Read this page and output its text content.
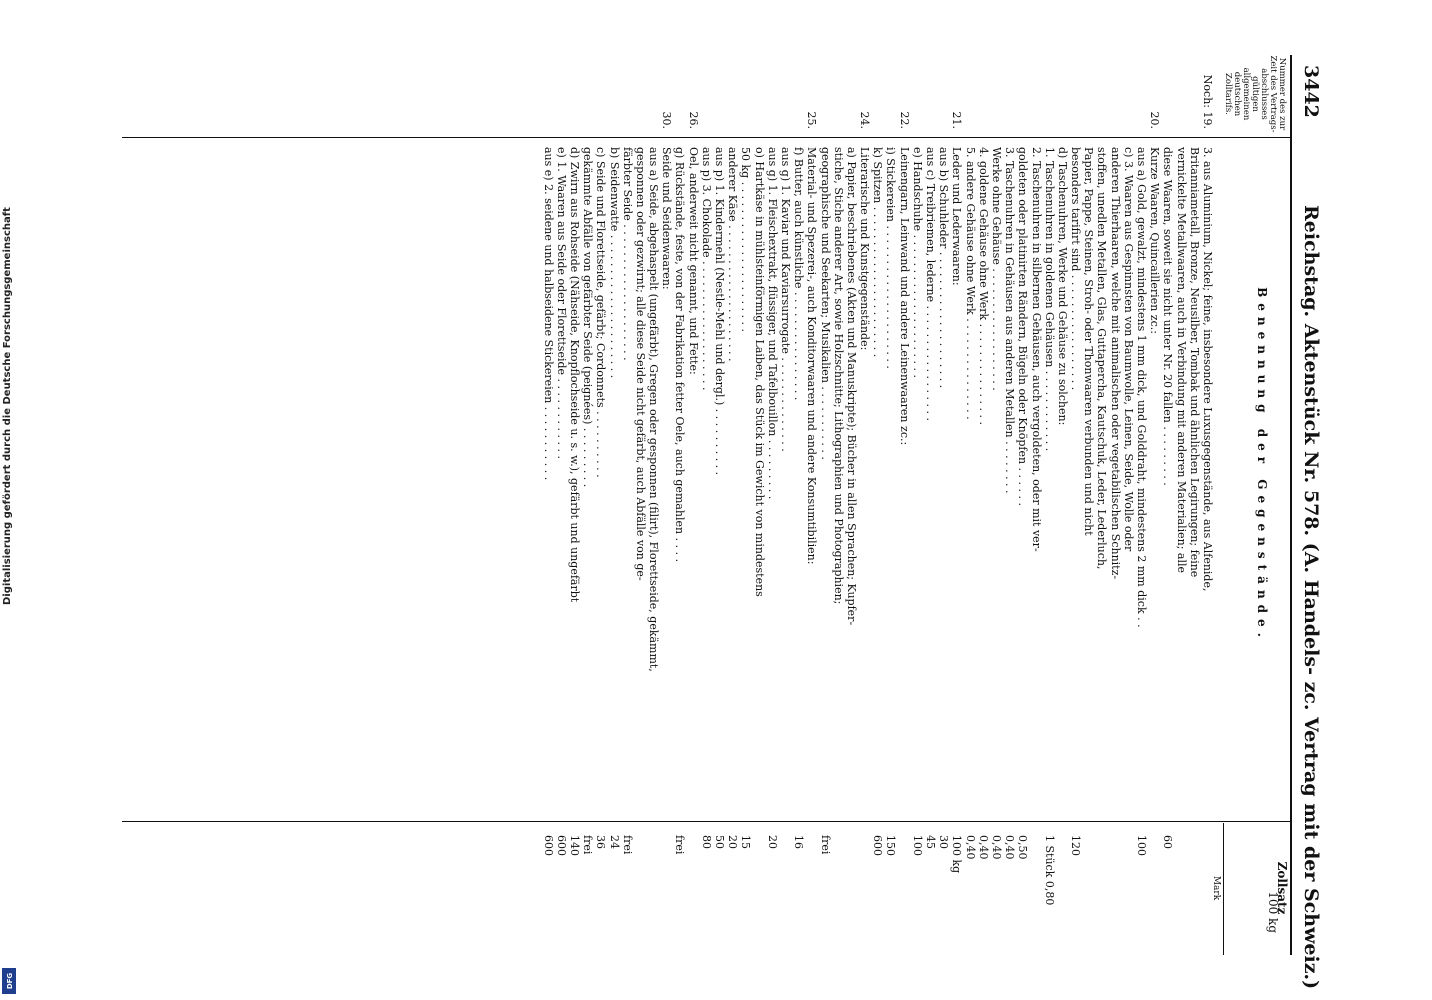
Digitalisierung gefördert durch die Deutsche Forschungsgemeinschaft
DFG
3442
Reichstag. Aktenstück Nr. 578. (A. Handels- zc. Vertrag mit der Schweiz.)
Nummer des zur Zeit des Vertrags-abschlusses gültigen allgemeinen deutschen Zolltarifs.
Benennung der Gegenstände.
Zollsatz
100 kg
Mark
Noch: 19.
3. aus Aluminium, Nickel; feine, insbesondere Luxusgegenstände, aus Alfenide,
Britanniametall, Bronze, Neusilber, Tombak und ähnlichen Legirungen; feine
vernickelte Metallwaaren, auch in Verbindung mit anderen Materialien; alle
diese Waaren, soweit sie nicht unter Nr. 20 fallen . . . . . . . . .
60
20.
Kurze Waaren, Quincaillerien zc.:
aus a) Gold, gewalzt, mindestens 1 mm dick, und Golddraht, mindestens 2 mm dick . .
100
c) 3. Waaren aus Gespinnsten von Baumwolle, Leinen, Seide, Wolle oder
anderen Thierhaaren, welche mit animalischen oder vegetabilischen Schnitz-
stoffen, unedlen Metallen, Glas, Guttapercha, Kautschuk, Leder, Lederluch,
Papier, Pappe, Steinen, Stroh- oder Thonwaaren verbunden und nicht
besonders tarifirt sind . . . . . . . . . . . . . . . . .
120
d) Taschenuhren, Werke und Gehäuse zu solchen:
1. Taschenuhren in goldenen Gehäusen . . . . . . . . . . . .
1 Stück 0,80
2. Taschenuhren in silbernen Gehäusen, auch vergoldeten, oder mit ver-
goldeten oder platinirten Rändern, Bügeln oder Knöpfen . . . . . .
0,50
3. Taschenuhren in Gehäusen aus anderen Metallen . . . . . . . .
0,40
Werke ohne Gehäuse . . . . . . . . . . . . . . . . . .
0,40
4. goldene Gehäuse ohne Werk . . . . . . . . . . . . . . .
0,40
5. andere Gehäuse ohne Werk . . . . . . . . . . . . . . .
0,40
21.
Leder und Lederwaaren:
100 kg
aus b) Schuhleder . . . . . . . . . . . . . . . . . . . .
30
aus c) Treibriemen, lederne . . . . . . . . . . . . . . . . .
45
e) Handschuhe . . . . . . . . . . . . . . . . . . . . .
100
22.
Leinengarn, Leinwand und andere Leinenwaaren zc.:
i) Stickereien . . . . . . . . . . . . . . . . . . . . .
150
k) Spitzen . . . . . . . . . . . . . . . . . . . . . .
600
24.
Literarische und Kunstgegenstände:
a) Papier, beschriebenes (Akten und Manuskripte); Bücher in allen Sprachen; Kupfer-
stiche, Stiche anderer Art, sowie Holzschnitte; Lithographien und Photographien;
geographische und Seekarten; Musikalien . . . . . . . . . . .
frei
25.
Material- und Spezerei-, auch Konditorwaaren und andere Konsumtibilien:
f) Butter, auch künstliche . . . . . . . . . . . . . . . .
16
aus g) 1. Kaviar und Kaviarsurrogate . . . . . . . . . . . . . .
aus g) 1. Fleischextrakt, flüssiger, und Tafelbouillon . . . . . . . . .
20
o) Hartkäse in mühlsteinförmigen Laiben, das Stück im Gewicht von mindestens
50 kg . . . . . . . . . . . . . . . . . . . . . .
15
anderer Käse . . . . . . . . . . . . . . . . . . . .
20
aus p) 1. Kindermehl (Nestle-Mehl und dergl.) . . . . . . . . . .
50
aus p) 3. Chokolade . . . . . . . . . . . . . . . . . . .
80
26.
Oel, anderweit nicht genannt, und Fette:
g) Rückstände, feste, von der Fabrikation fetter Oele, auch gemahlen . . . .
frei
30.
Seide und Seidenwaaren:
aus a) Seide, abgehaspelt (ungefärbt), Gregen oder gesponnen (filirt), Florettseide, gekämmt,
gesponnen oder gezwirnt; alle diese Seide nicht gefärbt, auch Abfälle von ge-
färbter Seide . . . . . . . . . . . . . . . . . . . .
frei
b) Seidenwatte . . . . . . . . . . . . . . . . . . . . .
24
c) Seide und Florettseide, gefärbt; Cordonnets . . . . . . . . . .
36
gekämmte Abfälle von gefärbter Seide (peignées) . . . . . . . . .
frei
d) Zwirn aus Rohseide (Nähseide, Knopflochseide u. s. w.), gefärbt und ungefärbt
140
e) 1. Waaren aus Seide oder Florettseide . . . . . . . . . . . .
600
aus e) 2. seidene und halbseidene Stickereien . . . . . . . . . . .
600
